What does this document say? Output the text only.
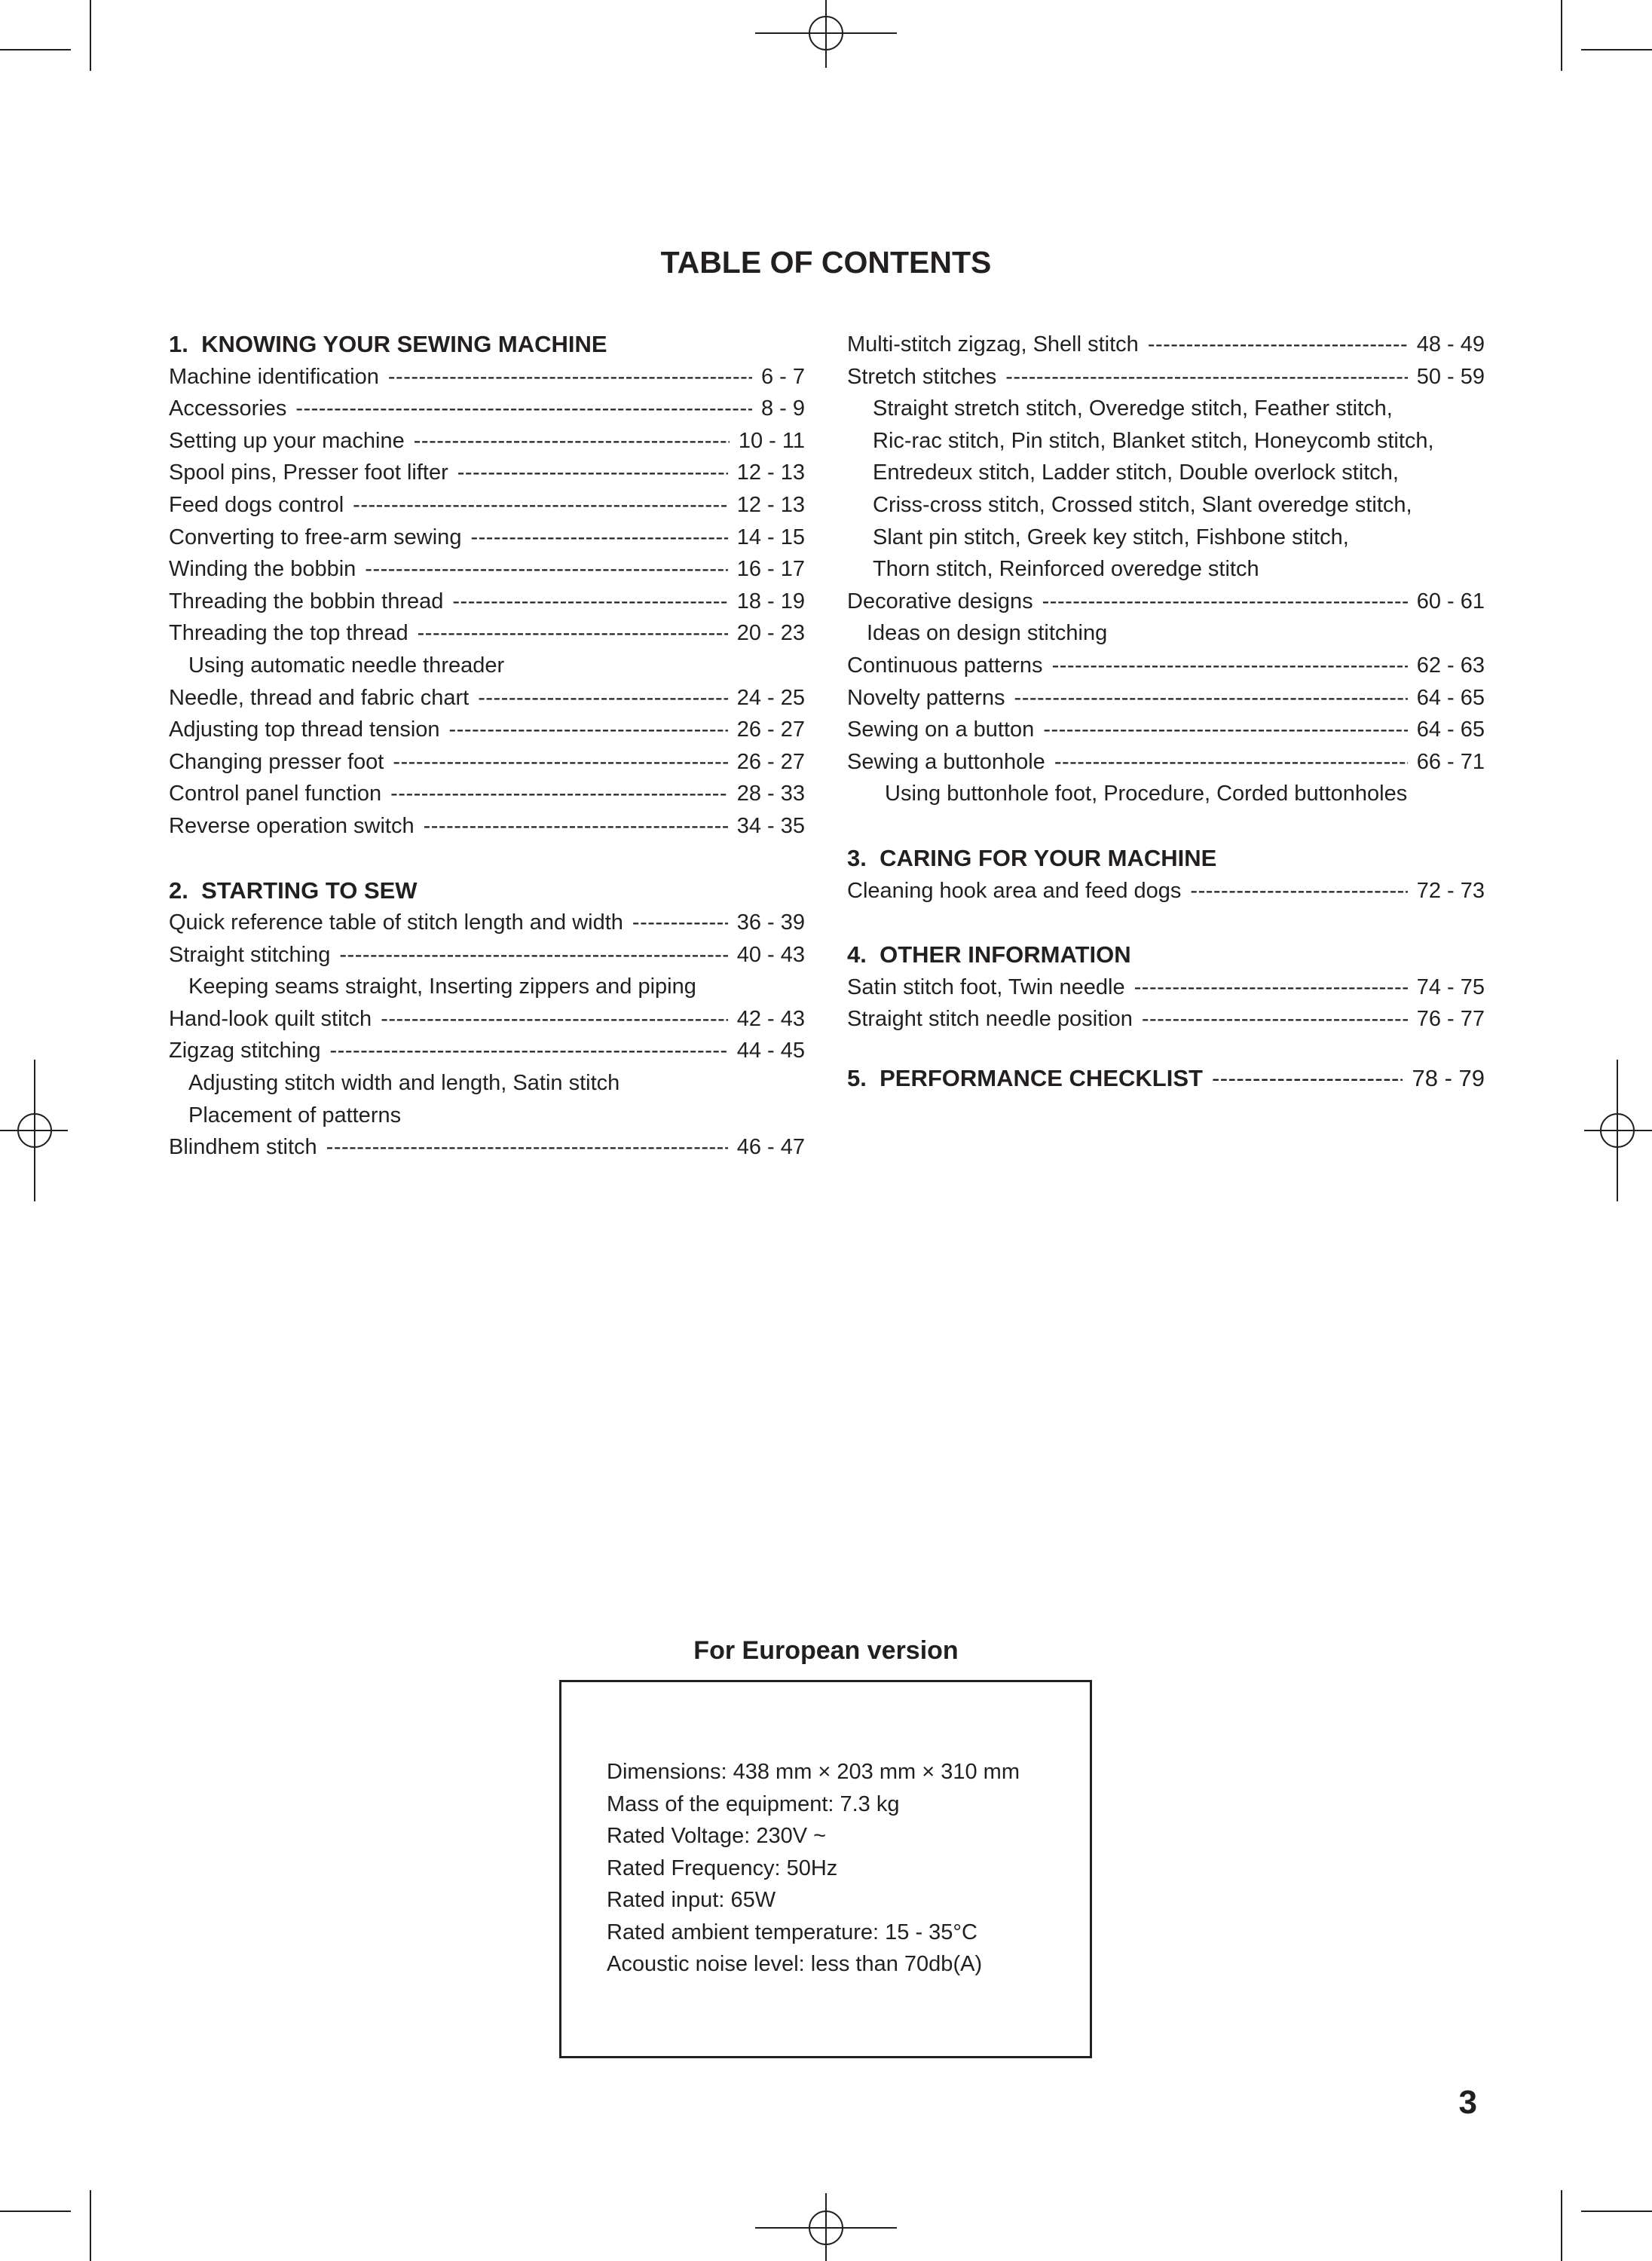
TABLE OF CONTENTS
1. KNOWING YOUR SEWING MACHINE
Machine identification -----	6 - 7
Accessories -----	8 - 9
Setting up your machine -----	10 - 11
Spool pins, Presser foot lifter -----	12 - 13
Feed dogs control -----	12 - 13
Converting to free-arm sewing -----	14 - 15
Winding the bobbin -----	16 - 17
Threading the bobbin thread -----	18 - 19
Threading the top thread -----	20 - 23
Using automatic needle threader
Needle, thread and fabric chart -----	24 - 25
Adjusting top thread tension -----	26 - 27
Changing presser foot -----	26 - 27
Control panel function -----	28 - 33
Reverse operation switch -----	34 - 35
2. STARTING TO SEW
Quick reference table of stitch length and width -----	36 - 39
Straight stitching -----	40 - 43
Keeping seams straight, Inserting zippers and piping
Hand-look quilt stitch -----	42 - 43
Zigzag stitching -----	44 - 45
Adjusting stitch width and length, Satin stitch
Placement of patterns
Blindhem stitch -----	46 - 47
Multi-stitch zigzag, Shell stitch -----	48 - 49
Stretch stitches -----	50 - 59
Straight stretch stitch, Overedge stitch, Feather stitch,
Ric-rac stitch, Pin stitch, Blanket stitch, Honeycomb stitch,
Entredeux stitch, Ladder stitch, Double overlock stitch,
Criss-cross stitch, Crossed stitch, Slant overedge stitch,
Slant pin stitch, Greek key stitch, Fishbone stitch,
Thorn stitch, Reinforced overedge stitch
Decorative designs -----	60 - 61
Ideas on design stitching
Continuous patterns -----	62 - 63
Novelty patterns -----	64 - 65
Sewing on a button -----	64 - 65
Sewing a buttonhole -----	66 - 71
Using buttonhole foot, Procedure, Corded buttonholes
3. CARING FOR YOUR MACHINE
Cleaning hook area and feed dogs -----	72 - 73
4. OTHER INFORMATION
Satin stitch foot, Twin needle -----	74 - 75
Straight stitch needle position -----	76 - 77
5. PERFORMANCE CHECKLIST -----	78 - 79
For European version
Dimensions: 438 mm × 203 mm × 310 mm
Mass of the equipment: 7.3 kg
Rated Voltage: 230V ~
Rated Frequency: 50Hz
Rated input: 65W
Rated ambient temperature: 15 - 35°C
Acoustic noise level: less than 70db(A)
3
